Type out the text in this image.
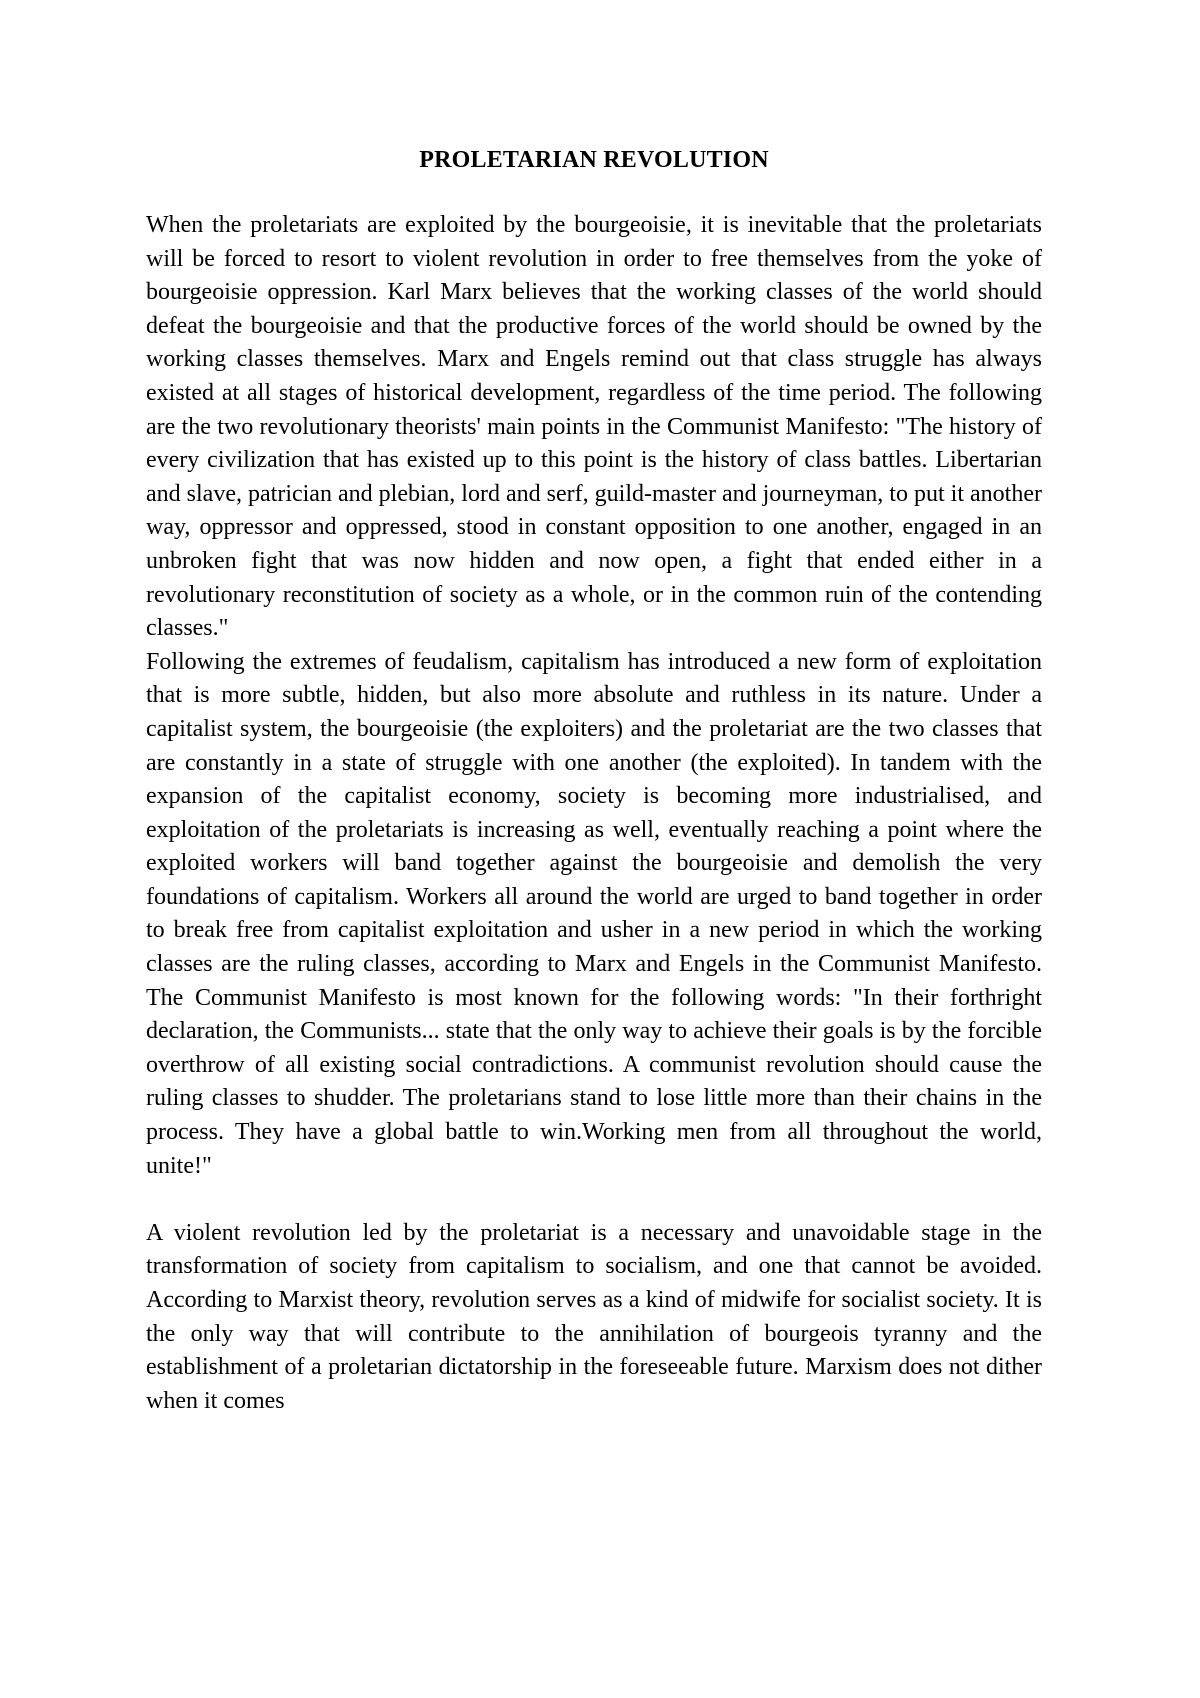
PROLETARIAN REVOLUTION

When the proletariats are exploited by the bourgeoisie, it is inevitable that the proletariats will be forced to resort to violent revolution in order to free themselves from the yoke of bourgeoisie oppression. Karl Marx believes that the working classes of the world should defeat the bourgeoisie and that the productive forces of the world should be owned by the working classes themselves. Marx and Engels remind out that class struggle has always existed at all stages of historical development, regardless of the time period. The following are the two revolutionary theorists' main points in the Communist Manifesto: "The history of every civilization that has existed up to this point is the history of class battles. Libertarian and slave, patrician and plebian, lord and serf, guild-master and journeyman, to put it another way, oppressor and oppressed, stood in constant opposition to one another, engaged in an unbroken fight that was now hidden and now open, a fight that ended either in a revolutionary reconstitution of society as a whole, or in the common ruin of the contending classes."

Following the extremes of feudalism, capitalism has introduced a new form of exploitation that is more subtle, hidden, but also more absolute and ruthless in its nature. Under a capitalist system, the bourgeoisie (the exploiters) and the proletariat are the two classes that are constantly in a state of struggle with one another (the exploited). In tandem with the expansion of the capitalist economy, society is becoming more industrialised, and exploitation of the proletariats is increasing as well, eventually reaching a point where the exploited workers will band together against the bourgeoisie and demolish the very foundations of capitalism. Workers all around the world are urged to band together in order to break free from capitalist exploitation and usher in a new period in which the working classes are the ruling classes, according to Marx and Engels in the Communist Manifesto. The Communist Manifesto is most known for the following words: "In their forthright declaration, the Communists... state that the only way to achieve their goals is by the forcible overthrow of all existing social contradictions. A communist revolution should cause the ruling classes to shudder. The proletarians stand to lose little more than their chains in the process. They have a global battle to win.Working men from all throughout the world, unite!"

A violent revolution led by the proletariat is a necessary and unavoidable stage in the transformation of society from capitalism to socialism, and one that cannot be avoided. According to Marxist theory, revolution serves as a kind of midwife for socialist society. It is the only way that will contribute to the annihilation of bourgeois tyranny and the establishment of a proletarian dictatorship in the foreseeable future. Marxism does not dither when it comes
